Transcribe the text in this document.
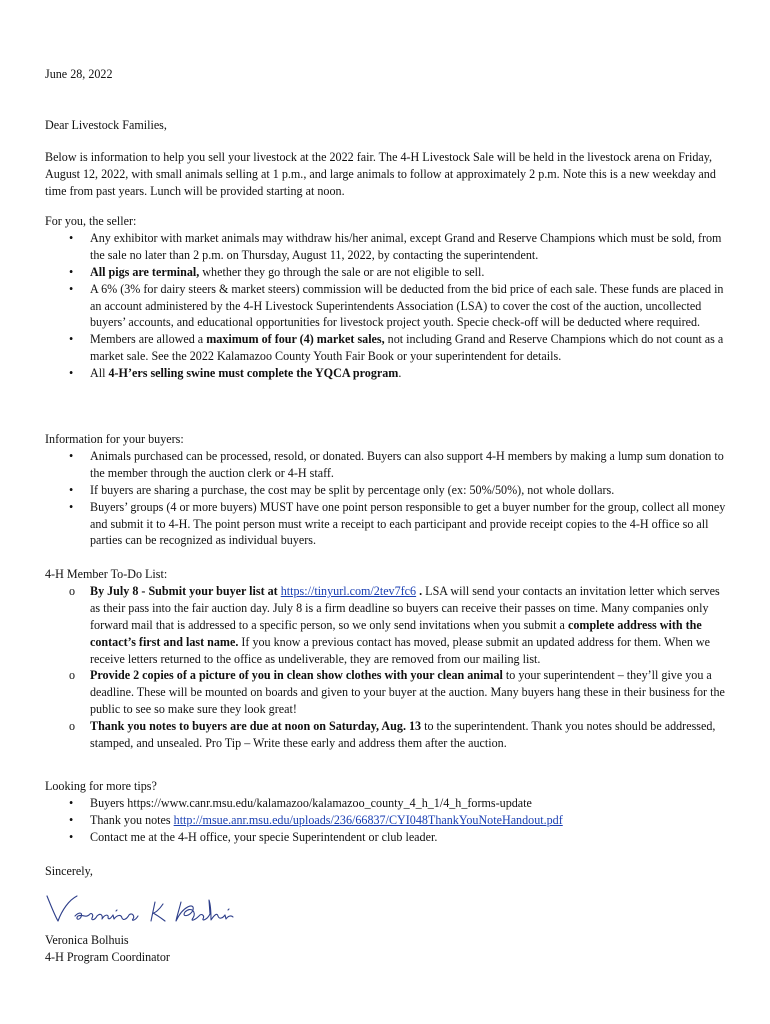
June 28, 2022

Dear Livestock Families,

Below is information to help you sell your livestock at the 2022 fair. The 4-H Livestock Sale will be held in the livestock arena on Friday, August 12, 2022, with small animals selling at 1 p.m., and large animals to follow at approximately 2 p.m. Note this is a new weekday and time from past years. Lunch will be provided starting at noon.

For you, the seller:

• Any exhibitor with market animals may withdraw his/her animal, except Grand and Reserve Champions which must be sold, from the sale no later than 2 p.m. on Thursday, August 11, 2022, by contacting the superintendent.
• All pigs are terminal, whether they go through the sale or are not eligible to sell.
• A 6% (3% for dairy steers & market steers) commission will be deducted from the bid price of each sale. These funds are placed in an account administered by the 4-H Livestock Superintendents Association (LSA) to cover the cost of the auction, uncollected buyers’ accounts, and educational opportunities for livestock project youth. Specie check-off will be deducted where required.
• Members are allowed a maximum of four (4) market sales, not including Grand and Reserve Champions which do not count as a market sale. See the 2022 Kalamazoo County Youth Fair Book or your superintendent for details.
• All 4-H’ers selling swine must complete the YQCA program.

Information for your buyers:

• Animals purchased can be processed, resold, or donated. Buyers can also support 4-H members by making a lump sum donation to the member through the auction clerk or 4-H staff.
• If buyers are sharing a purchase, the cost may be split by percentage only (ex: 50%/50%), not whole dollars.
• Buyers’ groups (4 or more buyers) MUST have one point person responsible to get a buyer number for the group, collect all money and submit it to 4-H. The point person must write a receipt to each participant and provide receipt copies to the 4-H office so all parties can be recognized as individual buyers.

4-H Member To-Do List:

o By July 8 - Submit your buyer list at https://tinyurl.com/2tev7fc6 . LSA will send your contacts an invitation letter which serves as their pass into the fair auction day. July 8 is a firm deadline so buyers can receive their passes on time. Many companies only forward mail that is addressed to a specific person, so we only send invitations when you submit a complete address with the contact’s first and last name. If you know a previous contact has moved, please submit an updated address for them. When we receive letters returned to the office as undeliverable, they are removed from our mailing list.
o Provide 2 copies of a picture of you in clean show clothes with your clean animal to your superintendent – they’ll give you a deadline. These will be mounted on boards and given to your buyer at the auction. Many buyers hang these in their business for the public to see so make sure they look great!
o Thank you notes to buyers are due at noon on Saturday, Aug. 13 to the superintendent. Thank you notes should be addressed, stamped, and unsealed. Pro Tip – Write these early and address them after the auction.

Looking for more tips?

• Buyers https://www.canr.msu.edu/kalamazoo/kalamazoo_county_4_h_1/4_h_forms-update
• Thank you notes http://msue.anr.msu.edu/uploads/236/66837/CYI048ThankYouNoteHandout.pdf
• Contact me at the 4-H office, your specie Superintendent or club leader.

Sincerely,

Veronica Bolhuis

4-H Program Coordinator
